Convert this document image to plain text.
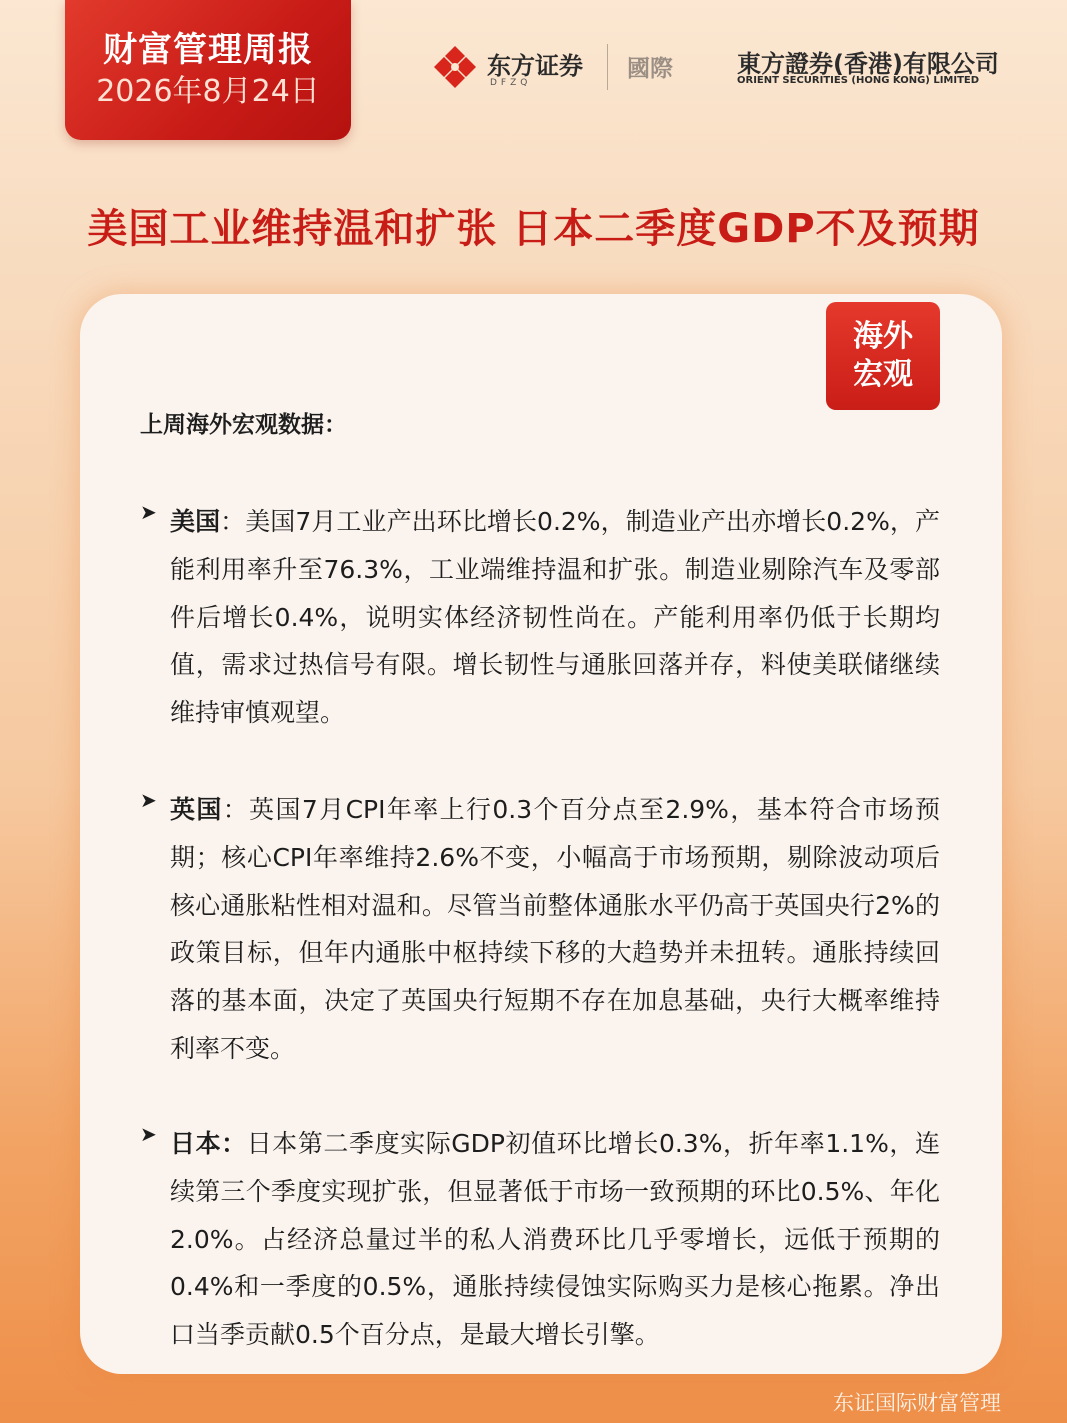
财富管理周报
2026年8月24日
东方证券
DFZQ
國際	東方證券(香港)有限公司
ORIENT SECURITIES (HONG KONG) LIMITED
美国工业维持温和扩张 日本二季度GDP不及预期
海外
宏观
上周海外宏观数据：
➤ 美国：美国7月工业产出环比增长0.2%，制造业产出亦增长0.2%，产能利用率升至76.3%，工业端维持温和扩张。制造业剔除汽车及零部件后增长0.4%，说明实体经济韧性尚在。产能利用率仍低于长期均值，需求过热信号有限。增长韧性与通胀回落并存，料使美联储继续维持审慎观望。
➤ 英国：英国7月CPI年率上行0.3个百分点至2.9%，基本符合市场预期；核心CPI年率维持2.6%不变，小幅高于市场预期，剔除波动项后核心通胀粘性相对温和。尽管当前整体通胀水平仍高于英国央行2%的政策目标，但年内通胀中枢持续下移的大趋势并未扭转。通胀持续回落的基本面，决定了英国央行短期不存在加息基础，央行大概率维持利率不变。
➤ 日本：日本第二季度实际GDP初值环比增长0.3%，折年率1.1%，连续第三个季度实现扩张，但显著低于市场一致预期的环比0.5%、年化2.0%。占经济总量过半的私人消费环比几乎零增长，远低于预期的0.4%和一季度的0.5%，通胀持续侵蚀实际购买力是核心拖累。净出口当季贡献0.5个百分点，是最大增长引擎。
东证国际财富管理
